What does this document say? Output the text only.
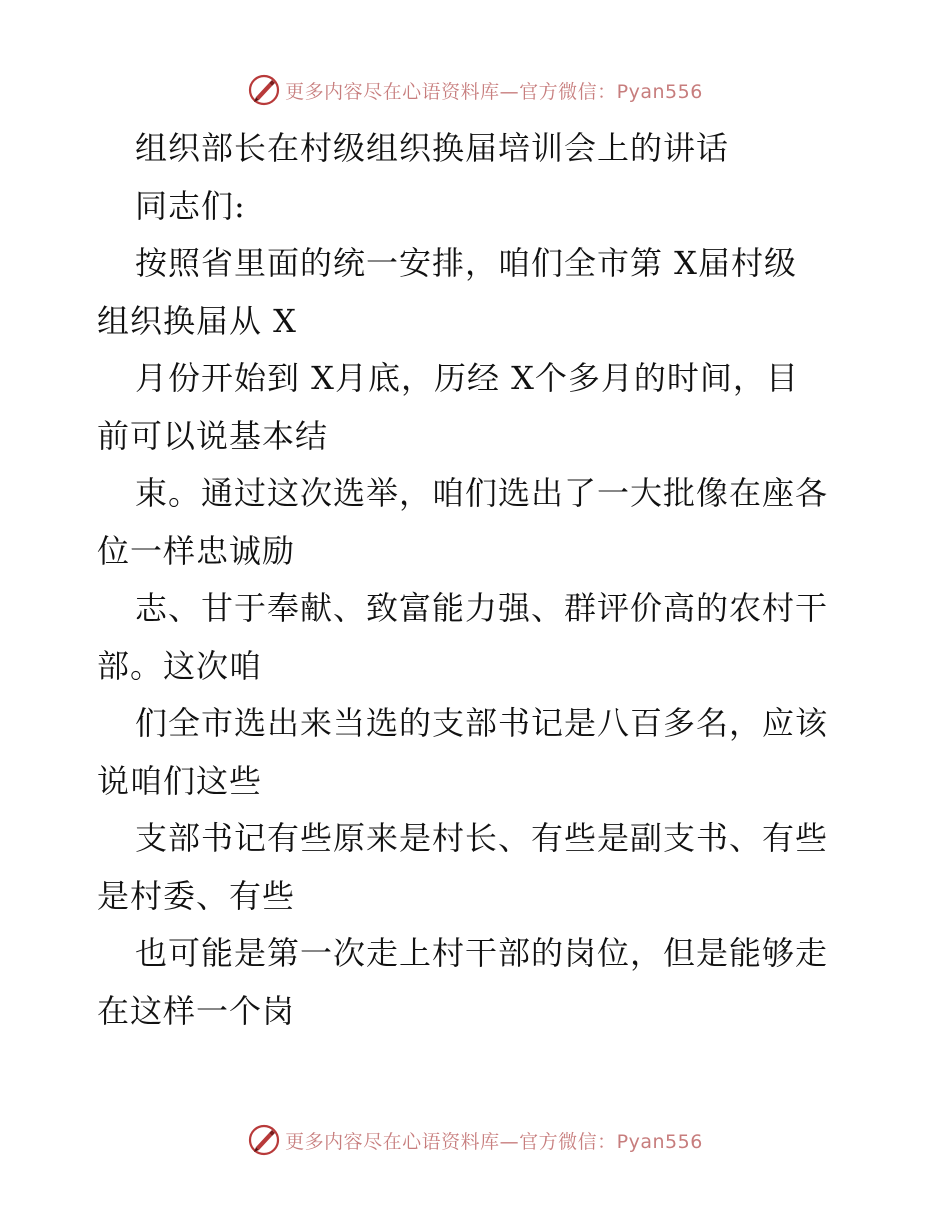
更多内容尽在心语资料库—官方微信：Pyan556
组织部长在村级组织换届培训会上的讲话
同志们:
按照省里面的统一安排，咱们全市第 X届村级
组织换届从 X
月份开始到 X月底，历经 X个多月的时间，目
前可以说基本结
束。通过这次选举，咱们选出了一大批像在座各
位一样忠诚励
志、甘于奉献、致富能力强、群评价高的农村干
部。这次咱
们全市选出来当选的支部书记是八百多名，应该
说咱们这些
支部书记有些原来是村长、有些是副支书、有些
是村委、有些
也可能是第一次走上村干部的岗位，但是能够走
在这样一个岗
更多内容尽在心语资料库—官方微信：Pyan556
